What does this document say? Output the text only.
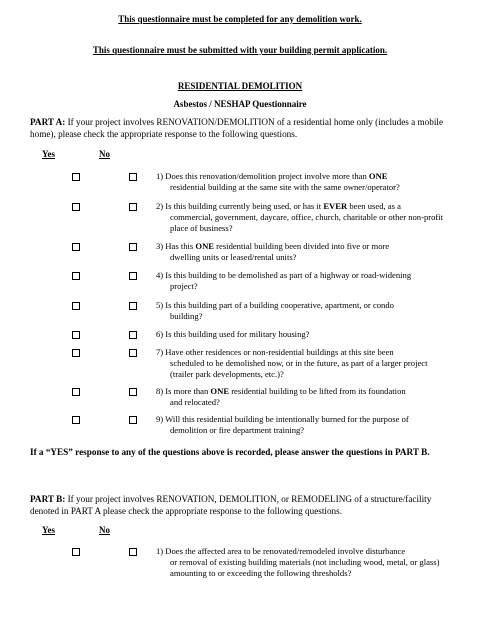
This questionnaire must be completed for any demolition work.
This questionnaire must be submitted with your building permit application.
RESIDENTIAL DEMOLITION
Asbestos / NESHAP Questionnaire
PART A: If your project involves RENOVATION/DEMOLITION of a residential home only (includes a mobile home), please check the appropriate response to the following questions.
Yes	No
1) Does this renovation/demolition project involve more than ONE
residential building at the same site with the same owner/operator?
2) Is this building currently being used, or has it EVER been used, as a
commercial, government, daycare, office, church, charitable or other non-profit place of business?
3) Has this ONE residential building been divided into five or more
dwelling units or leased/rental units?
4) Is this building to be demolished as part of a highway or road-widening
project?
5) Is this building part of a building cooperative, apartment, or condo
building?
6) Is this building used for military housing?
7) Have other residences or non-residential buildings at this site been
scheduled to be demolished now, or in the future, as part of a larger project (trailer park developments, etc.)?
8) Is more than ONE residential building to be lifted from its foundation
and relocated?
9) Will this residential building be intentionally burned for the purpose of
demolition or fire department training?
If a “YES” response to any of the questions above is recorded, please answer the questions in PART B.
PART B: If your project involves RENOVATION, DEMOLITION, or REMODELING of a structure/facility denoted in PART A please check the appropriate response to the following questions.
Yes	No
1) Does the affected area to be renovated/remodeled involve disturbance
or removal of existing building materials (not including wood, metal, or glass) amounting to or exceeding the following thresholds?
